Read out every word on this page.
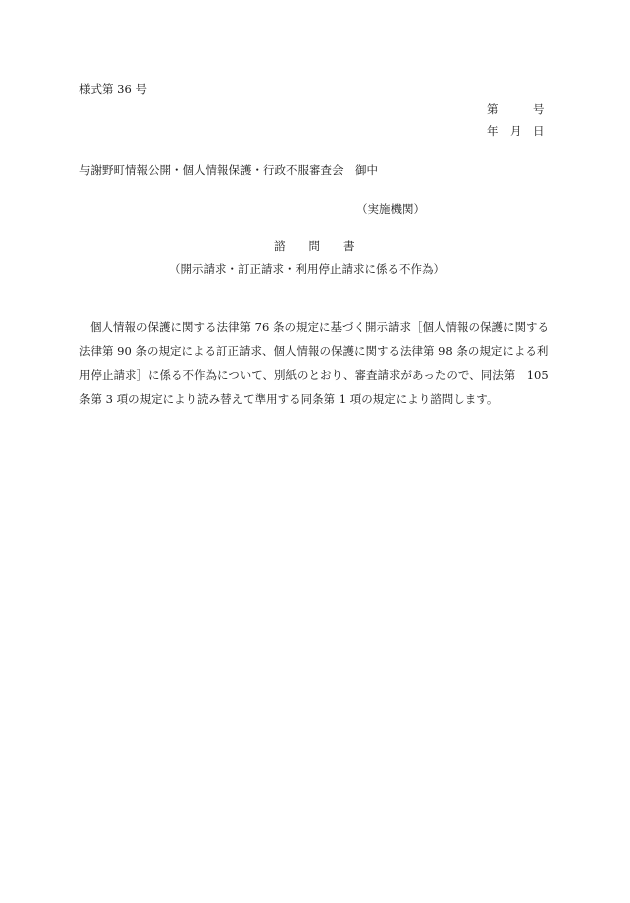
様式第 36 号
第　　　号
年　月　日
与謝野町情報公開・個人情報保護・行政不服審査会　御中
（実施機関）
諮　　問　　書
（開示請求・訂正請求・利用停止請求に係る不作為）
個人情報の保護に関する法律第 76 条の規定に基づく開示請求［個人情報の保護に関する
法律第 90 条の規定による訂正請求、個人情報の保護に関する法律第 98 条の規定による利
用停止請求］に係る不作為について、別紙のとおり、審査請求があったので、同法第　105
条第 3 項の規定により読み替えて準用する同条第 1 項の規定により諮問します。
